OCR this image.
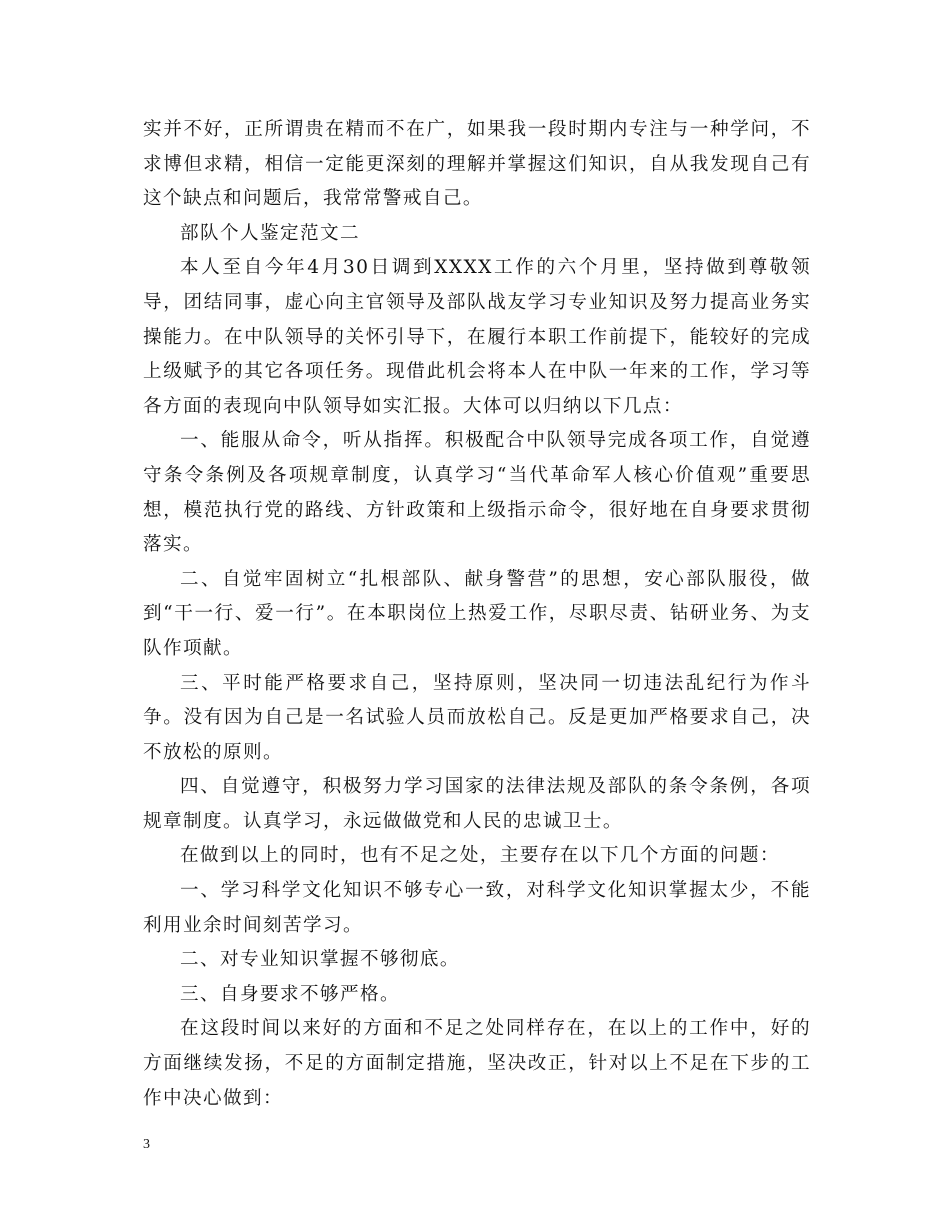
实并不好，正所谓贵在精而不在广，如果我一段时期内专注与一种学问，不求博但求精，相信一定能更深刻的理解并掌握这们知识，自从我发现自己有这个缺点和问题后，我常常警戒自己。

部队个人鉴定范文二

本人至自今年4月30日调到XXXX工作的六个月里，坚持做到尊敬领导，团结同事，虚心向主官领导及部队战友学习专业知识及努力提高业务实操能力。在中队领导的关怀引导下，在履行本职工作前提下，能较好的完成上级赋予的其它各项任务。现借此机会将本人在中队一年来的工作，学习等各方面的表现向中队领导如实汇报。大体可以归纳以下几点：

一、能服从命令，听从指挥。积极配合中队领导完成各项工作，自觉遵守条令条例及各项规章制度，认真学习“当代革命军人核心价值观”重要思想，模范执行党的路线、方针政策和上级指示命令，很好地在自身要求贯彻落实。

二、自觉牢固树立“扎根部队、献身警营”的思想，安心部队服役，做到“干一行、爱一行”。在本职岗位上热爱工作，尽职尽责、钻研业务、为支队作项献。

三、平时能严格要求自己，坚持原则，坚决同一切违法乱纪行为作斗争。没有因为自己是一名试验人员而放松自己。反是更加严格要求自己，决不放松的原则。

四、自觉遵守，积极努力学习国家的法律法规及部队的条令条例，各项规章制度。认真学习，永远做做党和人民的忠诚卫士。

在做到以上的同时，也有不足之处，主要存在以下几个方面的问题：

一、学习科学文化知识不够专心一致，对科学文化知识掌握太少，不能利用业余时间刻苦学习。

二、对专业知识掌握不够彻底。

三、自身要求不够严格。

在这段时间以来好的方面和不足之处同样存在，在以上的工作中，好的方面继续发扬，不足的方面制定措施，坚决改正，针对以上不足在下步的工作中决心做到：

3
